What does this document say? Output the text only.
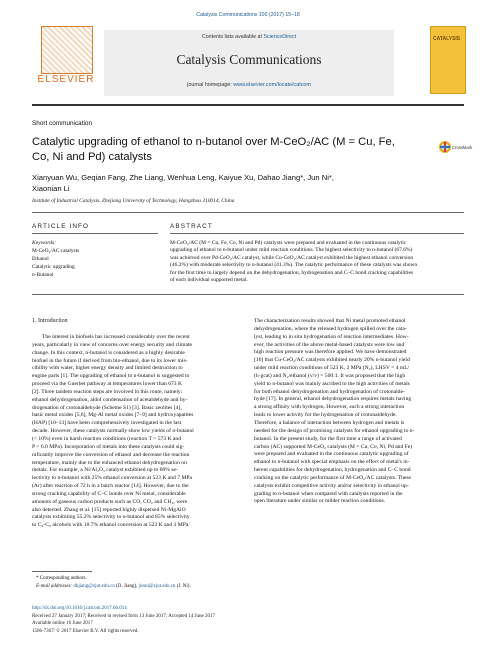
Catalysis Communications 100 (2017) 15–18
ELSEVIER
Contents lists available at ScienceDirect
Catalysis Communications
journal homepage: www.elsevier.com/locate/catcom
CATALYSIS
Short communication
Catalytic upgrading of ethanol to n-butanol over M-CeO₂/AC (M = Cu, Fe,
Co, Ni and Pd) catalysts
CrossMark
Xianyuan Wu, Geqian Fang, Zhe Liang, Wenhua Leng, Kaiyue Xu, Dahao Jiang*, Jun Ni*,
Xiaonian Li
Institute of Industrial Catalysis, Zhejiang University of Technology, Hangzhou 310014, China
ARTICLE INFO	ABSTRACT
Keywords:
M-CeO₂/AC catalysts
Ethanol
Catalytic upgrading
n-Butanol
M-CeO₂/AC (M = Cu, Fe, Co, Ni and Pd) catalysts were prepared and evaluated in the continuous catalytic
upgrading of ethanol to n-butanol under mild reaction conditions. The highest selectivity to n-butanol (67.6%)
was achieved over Pd-CeO₂/AC catalyst, while Cu-CeO₂/AC catalyst exhibited the highest ethanol conversion
(46.2%) with moderate selectivity to n-butanol (41.3%). The catalytic performance of these catalysts was shown
for the first time to largely depend on the dehydrogenation, hydrogenation and C–C bond cracking capabilities
of each individual supported metal.
1. Introduction
The interest in biofuels has increased considerably over the recent
years, particularly in view of concerns over energy security and climate
change. In this context, n-butanol is considered as a highly desirable
biofuel in the future if derived from bio-ethanol, due to its lower mis-
cibility with water, higher energy density and limited destruction to
engine parts [1]. The upgrading of ethanol to n-butanol is suggested to
proceed via the Guerbet pathway at temperatures lower than 673 K
[2]. Three tandem reaction steps are involved in this route, namely:
ethanol dehydrogenation, aldol condensation of acetaldehyde and hy-
drogenation of crotonaldehyde (Scheme S1) [3]. Basic zeolites [4],
basic metal oxides [5,6], Mg-Al metal oxides [7–9] and hydroxyapatites
(HAP) [10–13] have been comprehensively investigated in the last
decade. However, these catalysts normally show low yields of n-butanol
(< 10%) even in harsh reaction conditions (reaction T > 573 K and
P > 6.0 MPa). Incorporation of metals into these catalysts could sig-
nificantly improve the conversion of ethanol and decrease the reaction
temperature, mainly due to the enhanced ethanol dehydrogenation on
metals. For example, a Ni/Al₂O₃ catalyst exhibited up to 80% se-
lectivity to n-butanol with 25% ethanol conversion at 523 K and 7 MPa
(Ar) after reaction of 72 h in a batch reactor [14]. However, due to the
strong cracking capability of C–C bonds over Ni metal, considerable
amounts of gaseous carbon products such as CO, CO₂ and CH₄, were
also detected. Zhang et al. [15] reported highly dispersed Ni-MgAlO
catalysts exhibiting 55.2% selectivity to n-butanol and 85% selectivity
to C₄-C₈ alcohols with 18.7% ethanol conversion at 523 K and 3 MPa.
The characterization results showed that Ni metal promoted ethanol
dehydrogenation, where the released hydrogen spilled over the cata-
lyst, leading to in situ hydrogenation of reaction intermediates. How-
ever, the activities of the above metal-based catalysts were low and
high reaction pressure was therefore applied. We have demonstrated
[16] that Cu-CeO₂/AC catalysts exhibited nearly 20% n-butanol yield
under mild reaction conditions of 523 K, 2 MPa (N₂), LHSV = 4 mL/
(h·gcat) and N₂/ethanol (v/v) = 500:1. It was proposed that the high
yield to n-butanol was mainly ascribed to the high activities of metals
for both ethanol dehydrogenation and hydrogenation of crotonalde-
hyde [17]. In general, ethanol dehydrogenation requires metals having
a strong affinity with hydrogen. However, such a strong interaction
leads to lower activity for the hydrogenation of crotonaldehyde.
Therefore, a balance of interaction between hydrogen and metals is
needed for the design of promising catalysts for ethanol upgrading to n-
butanol. In the present study, for the first time a range of activated
carbon (AC) supported M-CeO₂ catalysts (M = Cu, Co, Ni, Pd and Fe)
were prepared and evaluated in the continuous catalytic upgrading of
ethanol to n-butanol with special emphasis on the effect of metal's in-
herent capabilities for dehydrogenation, hydrogenation and C–C bond
cracking on the catalytic performance of M-CeO₂/AC catalysts. These
catalysts exhibit competitive activity and/or selectivity in ethanol up-
grading to n-butanol when compared with catalysts reported in the
open literature under similar or milder reaction conditions.
* Corresponding authors.
E-mail addresses: dhjiang@zjut.edu.cn (D. Jiang), junni@zjut.edu.cn (J. Ni).
http://dx.doi.org/10.1016/j.catcom.2017.06.014
Received 27 January 2017; Received in revised form 13 June 2017; Accepted 14 June 2017
Available online 16 June 2017
1566-7367/ © 2017 Elsevier B.V. All rights reserved.
